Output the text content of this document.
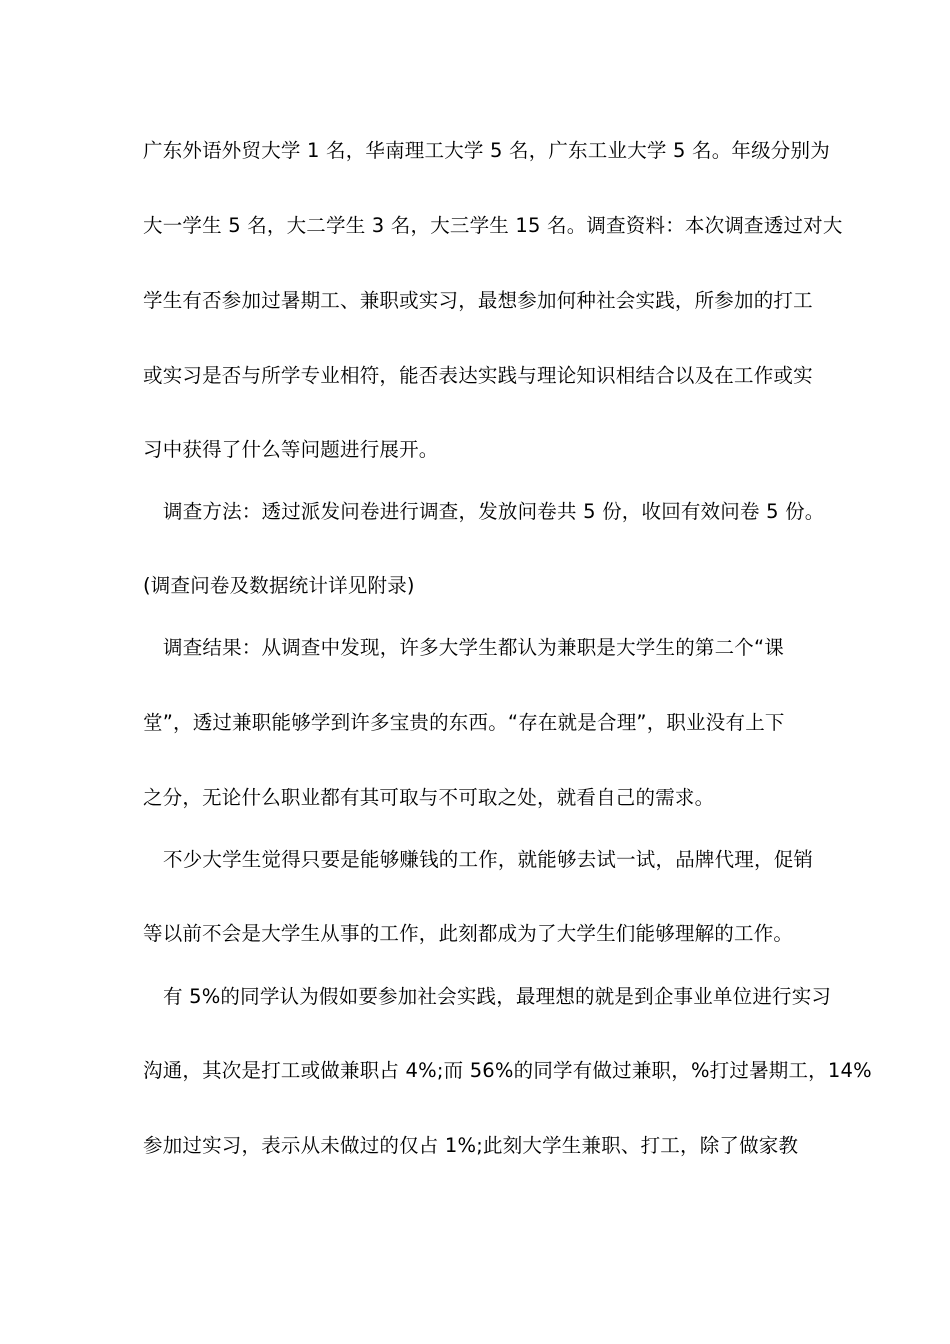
广东外语外贸大学 1 名，华南理工大学 5 名，广东工业大学 5 名。年级分别为
大一学生 5 名，大二学生 3 名，大三学生 15 名。调查资料：本次调查透过对大
学生有否参加过暑期工、兼职或实习，最想参加何种社会实践，所参加的打工
或实习是否与所学专业相符，能否表达实践与理论知识相结合以及在工作或实
习中获得了什么等问题进行展开。
调查方法：透过派发问卷进行调查，发放问卷共 5 份，收回有效问卷 5 份。
(调查问卷及数据统计详见附录)
调查结果：从调查中发现，许多大学生都认为兼职是大学生的第二个“课
堂”，透过兼职能够学到许多宝贵的东西。“存在就是合理”，职业没有上下
之分，无论什么职业都有其可取与不可取之处，就看自己的需求。
不少大学生觉得只要是能够赚钱的工作，就能够去试一试，品牌代理，促销
等以前不会是大学生从事的工作，此刻都成为了大学生们能够理解的工作。
有 5%的同学认为假如要参加社会实践，最理想的就是到企事业单位进行实习
沟通，其次是打工或做兼职占 4%;而 56%的同学有做过兼职，%打过暑期工，14%
参加过实习，表示从未做过的仅占 1%;此刻大学生兼职、打工，除了做家教
